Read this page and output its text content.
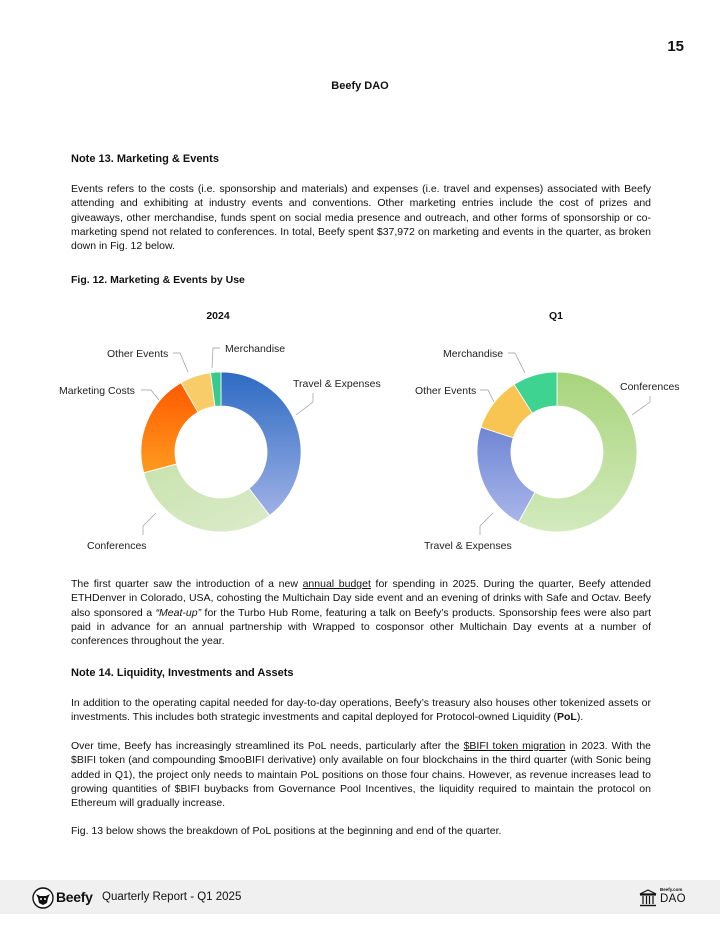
15
Beefy DAO
Note 13. Marketing & Events
Events refers to the costs (i.e. sponsorship and materials) and expenses (i.e. travel and expenses) associated with Beefy attending and exhibiting at industry events and conventions. Other marketing entries include the cost of prizes and giveaways, other merchandise, funds spent on social media presence and outreach, and other forms of sponsorship or co-marketing spend not related to conferences. In total, Beefy spent $37,972 on marketing and events in the quarter, as broken down in Fig. 12 below.
Fig. 12. Marketing & Events by Use
2024	Q1
Travel & Expenses
Conferences
Marketing Costs
Other Events	Merchandise
Conferences
Travel & Expenses
Other Events
Merchandise
The first quarter saw the introduction of a new annual budget for spending in 2025. During the quarter, Beefy attended ETHDenver in Colorado, USA, cohosting the Multichain Day side event and an evening of drinks with Safe and Octav. Beefy also sponsored a “Meat-up” for the Turbo Hub Rome, featuring a talk on Beefy’s products. Sponsorship fees were also part paid in advance for an annual partnership with Wrapped to cosponsor other Multichain Day events at a number of conferences throughout the year.
Note 14. Liquidity, Investments and Assets
In addition to the operating capital needed for day-to-day operations, Beefy’s treasury also houses other tokenized assets or investments. This includes both strategic investments and capital deployed for Protocol-owned Liquidity (PoL).
Over time, Beefy has increasingly streamlined its PoL needs, particularly after the $BIFI token migration in 2023. With the $BIFI token (and compounding $mooBIFI derivative) only available on four blockchains in the third quarter (with Sonic being added in Q1), the project only needs to maintain PoL positions on those four chains. However, as revenue increases lead to growing quantities of $BIFI buybacks from Governance Pool Incentives, the liquidity required to maintain the protocol on Ethereum will gradually increase.
Fig. 13 below shows the breakdown of PoL positions at the beginning and end of the quarter.
Beefy Quarterly Report - Q1 2025
Beefy.com
DAO
